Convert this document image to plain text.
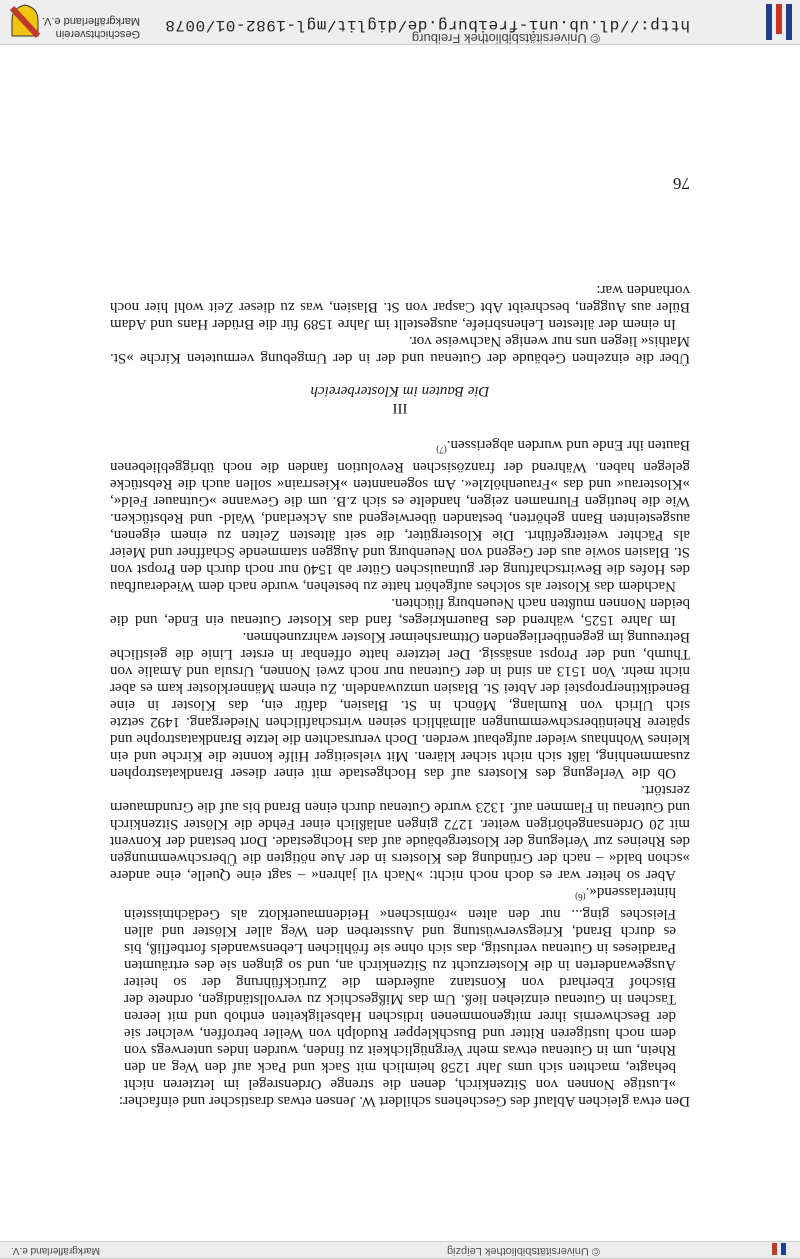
© Universitätsbibliothek Leipzig
Markgräflerland e.V.

Den etwa gleichen Ablauf des Geschehens schildert W. Jensen etwas drastischer und einfacher:

»Lustige Nonnen von Sitzenkirch, denen die strenge Ordensregel im letzteren nicht behagte, machten sich ums Jahr 1258 heimlich mit Sack und Pack auf den Weg an den Rhein, um in Gutenau etwas mehr Vergnüglichkeit zu finden, wurden indes unterwegs von dem noch lustigeren Ritter und Buschklepper Rudolph von Weiler betroffen, welcher sie der Beschwernis ihrer mitgenommenen irdischen Habseligkeiten enthob und mit leeren Taschen in Gutenau einziehen ließ. Um das Mißgeschick zu vervollständigen, ordnete der Bischof Eberhard von Konstanz außerdem die Zurückführung der so heiter Ausgewanderten in die Klosterzucht zu Sitzenkirch an, und so gingen sie des erträumten Paradieses in Gutenau verlustig, das sich ohne sie fröhlichen Lebenswandels fortbefliß, bis es durch Brand, Kriegsverwüstung und Aussterben den Weg aller Klöster und allen Fleisches ging... nur den alten »römischen« Heidenmauerklotz als Gedächtnisstein hinterlassend«.

$^{(6)}$

Aber so heiter war es doch noch nicht: »Nach vil jahren« – sagt eine Quelle, eine andere »schon bald« – nach der Gründung des Klosters in der Aue nötigten die Überschwemmungen des Rheines zur Verlegung der Klostergebäude auf das Hochgestade. Dort bestand der Konvent mit 20 Ordensangehörigen weiter. 1272 gingen anläßlich einer Fehde die Klöster Sitzenkirch und Gutenau in Flammen auf. 1323 wurde Gutenau durch einen Brand bis auf die Grundmauern zerstört.

Ob die Verlegung des Klosters auf das Hochgestade mit einer dieser Brandkatastrophen zusammenhing, läßt sich nicht sicher klären. Mit vielseitiger Hilfe konnte die Kirche und ein kleines Wohnhaus wieder aufgebaut werden. Doch verursachten die letzte Brandkatastrophe und spätere Rheinüberschwemmungen allmählich seinen wirtschaftlichen Niedergang. 1492 setzte sich Ulrich von Rumlang, Mönch in St. Blasien, dafür ein, das Kloster in eine Benediktinerpropstei der Abtei St. Blasien umzuwandeln. Zu einem Männerkloster kam es aber nicht mehr. Von 1513 an sind in der Gutenau nur noch zwei Nonnen, Ursula und Amalie von Thumb, und der Propst ansässig. Der letztere hatte offenbar in erster Linie die geistliche Betreuung im gegenüberliegenden Ottmarsheimer Kloster wahrzunehmen.

Im Jahre 1525, während des Bauernkrieges, fand das Kloster Gutenau ein Ende, und die beiden Nonnen mußten nach Neuenburg flüchten.

Nachdem das Kloster als solches aufgehört hatte zu bestehen, wurde nach dem Wiederaufbau des Hofes die Bewirtschaftung der gutnauischen Güter ab 1540 nur noch durch den Propst von St. Blasien sowie aus der Gegend von Neuenburg und Auggen stammende Schaffner und Meier als Pächter weitergeführt. Die Klostergüter, die seit ältesten Zeiten zu einem eigenen, ausgesteinten Bann gehörten, bestanden überwiegend aus Ackerland, Wald- und Rebstücken. Wie die heutigen Flurnamen zeigen, handelte es sich z.B. um die Gewanne »Gutnauer Feld«, »Klosterau« und das »Frauenhölzle«. Am sogenannten »Kiesrrain« sollen auch die Rebstücke gelegen haben. Während der französischen Revolution fanden die noch übriggebliebenen Bauten ihr Ende und wurden abgerissen.$^{(7)}$

III
Die Bauten im Klosterbereich

Über die einzelnen Gebäude der Gutenau und der in der Umgebung vermuteten Kirche »St. Mathis« liegen uns nur wenige Nachweise vor.

In einem der ältesten Lehensbriefe, ausgestellt im Jahre 1589 für die Brüder Hans und Adam Büler aus Auggen, beschreibt Abt Caspar von St. Blasien, was zu dieser Zeit wohl hier noch vorhanden war:

76
http://dl.ub.uni-freiburg.de/diglit/mgl-1982-01/0078
© Universitätsbibliothek Freiburg
Geschichtsverein
Markgräflerland e.V.
